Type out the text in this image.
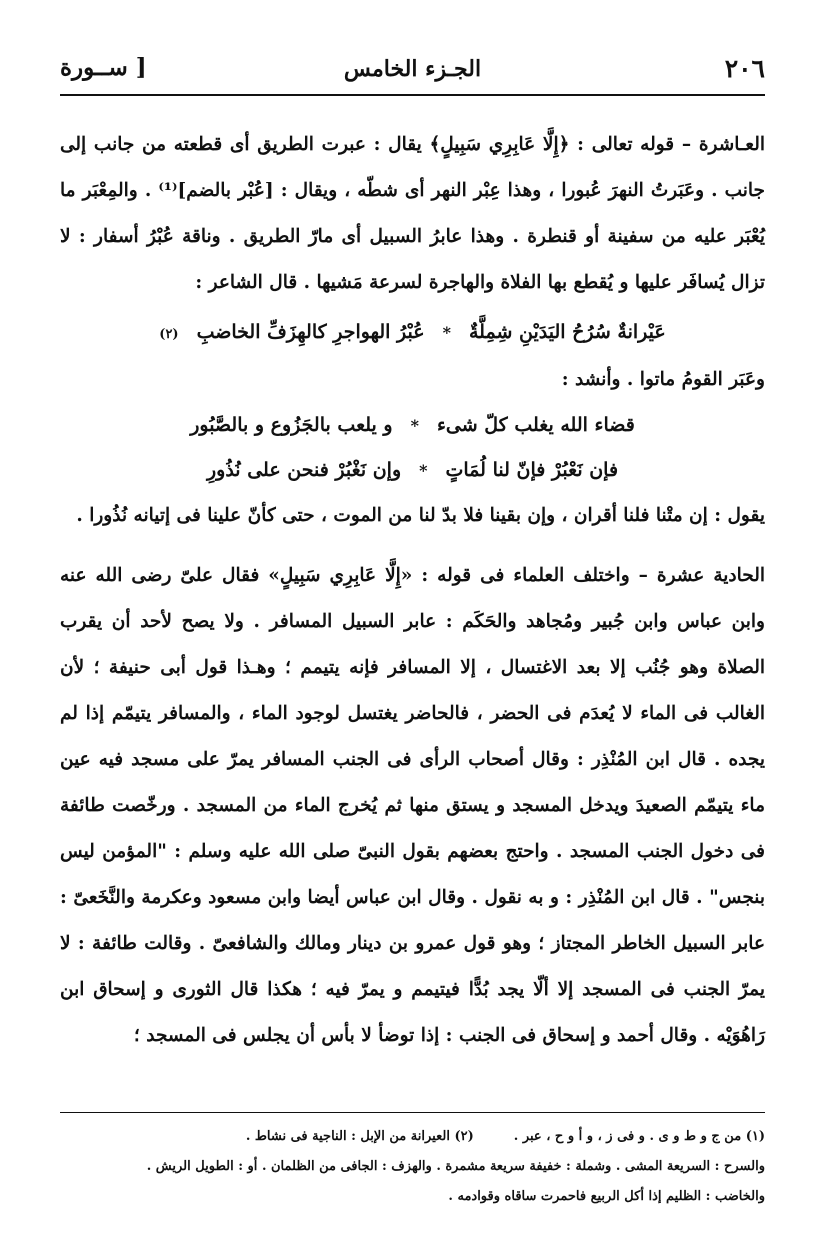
٢٠٦
الجـزء الخامس
[ ســورة

العـاشرة – قوله تعالى : ﴿إِلَّا عَابِرِي سَبِيلٍ﴾ يقال : عبرت الطريق أى قطعته من جانب إلى جانب . وعَبَرتُ النهرَ عُبورا ، وهذا عِبْر النهر أى شطّه ، ويقال : [عُبْر بالضم]⁽¹⁾ . والمِعْبَر ما يُعْبَر عليه من سفينة أو قنطرة . وهذا عابرُ السبيل أى مارّ الطريق . وناقة عُبْرُ أسفار : لا تزال يُسافَر عليها و يُقطع بها الفلاة والهاجرة لسرعة مَشيها . قال الشاعر :

عَيْرانةٌ سُرُحُ اليَدَيْنِ شِمِلَّةٌ
*
عُبْرُ الهواجرِ كالهِزَفِّ الخاضبِ
(٢)

وعَبَر القومُ ماتوا . وأنشد :

قضاء الله يغلب كلّ شىء
*
و يلعب بالجَزُوع و بالصَّبُور
فإن نَعْبُرْ فإنّ لنا لُمَاتٍ
*
وإن نَغْبُرْ فنحن على نُذُورِ

يقول : إن متْنا فلنا أقران ، وإن بقينا فلا بدّ لنا من الموت ، حتى كأنّ علينا فى إتيانه نُذُورا .

الحادية عشرة – واختلف العلماء فى قوله : «إِلَّا عَابِرِي سَبِيلٍ» فقال علىّ رضى الله عنه وابن عباس وابن جُبير ومُجاهد والحَكَم : عابر السبيل المسافر . ولا يصح لأحد أن يقرب الصلاة وهو جُنُب إلا بعد الاغتسال ، إلا المسافر فإنه يتيمم ؛ وهـذا قول أبى حنيفة ؛ لأن الغالب فى الماء لا يُعدَم فى الحضر ، فالحاضر يغتسل لوجود الماء ، والمسافر يتيمّم إذا لم يجده . قال ابن المُنْذِر : وقال أصحاب الرأى فى الجنب المسافر يمرّ على مسجد فيه عين ماء يتيمّم الصعيدَ ويدخل المسجد و يستق منها ثم يُخرج الماء من المسجد . ورخّصت طائفة فى دخول الجنب المسجد . واحتج بعضهم بقول النبىّ صلى الله عليه وسلم : "المؤمن ليس بنجس" . قال ابن المُنْذِر : و به نقول . وقال ابن عباس أيضا وابن مسعود وعكرمة والنَّخَعىّ : عابر السبيل الخاطر المجتاز ؛ وهو قول عمرو بن دينار ومالك والشافعىّ . وقالت طائفة : لا يمرّ الجنب فى المسجد إلا ألّا يجد بُدًّا فيتيمم و يمرّ فيه ؛ هكذا قال الثورى و إسحاق ابن رَاهُوَيْه . وقال أحمد و إسحاق فى الجنب : إذا توضأ لا بأس أن يجلس فى المسجد ؛

(١) من ج و ط و ى . و فى ز ، و أ و ح ، عبر .(٢) العيرانة من الإبل : الناجية فى نشاط .

والسرح : السريعة المشى . وشملة : خفيفة سريعة مشمرة . والهزف : الجافى من الظلمان . أو : الطويل الريش .

والخاضب : الظليم إذا أكل الربيع فاحمرت ساقاه وقوادمه .
